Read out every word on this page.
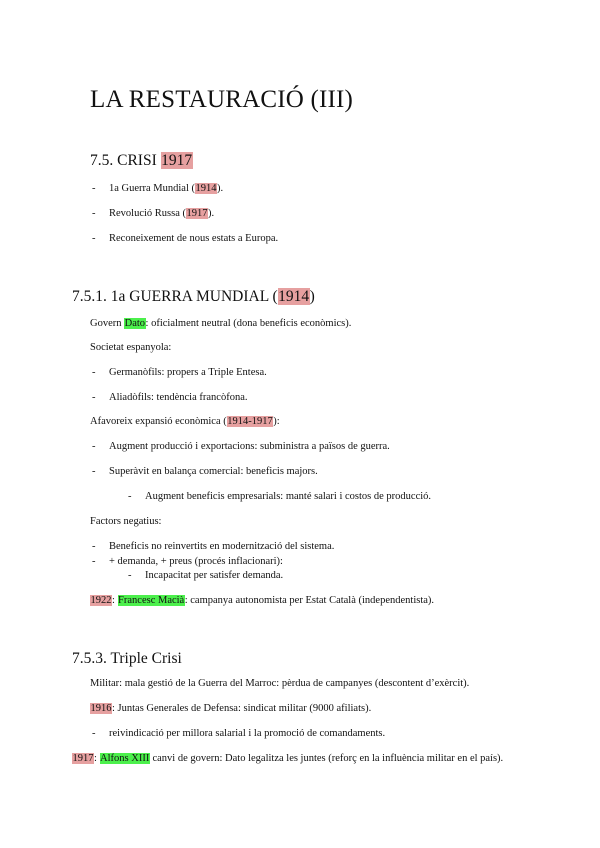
LA RESTAURACIÓ (III)
7.5. CRISI 1917
- 1a Guerra Mundial (1914).
- Revolució Russa (1917).
- Reconeixement de nous estats a Europa.
7.5.1. 1a GUERRA MUNDIAL (1914)
Govern Dato: oficialment neutral (dona beneficis econòmics).
Societat espanyola:
- Germanòfils: propers a Triple Entesa.
- Aliadòfils: tendència francòfona.
Afavoreix expansió econòmica (1914-1917):
- Augment producció i exportacions: subministra a països de guerra.
- Superàvit en balança comercial: beneficis majors.
- Augment beneficis empresarials: manté salari i costos de producció.
Factors negatius:
- Beneficis no reinvertits en modernització del sistema.
- + demanda, + preus (procés inflacionari):
- Incapacitat per satisfer demanda.
1922: Francesc Macià: campanya autonomista per Estat Català (independentista).
7.5.3. Triple Crisi
Militar: mala gestió de la Guerra del Marroc: pèrdua de campanyes (descontent d’exèrcit).
1916: Juntas Generales de Defensa: sindicat militar (9000 afiliats).
- reivindicació per millora salarial i la promoció de comandaments.
1917: Alfons XIII canvi de govern: Dato legalitza les juntes (reforç en la influència militar en el país).
